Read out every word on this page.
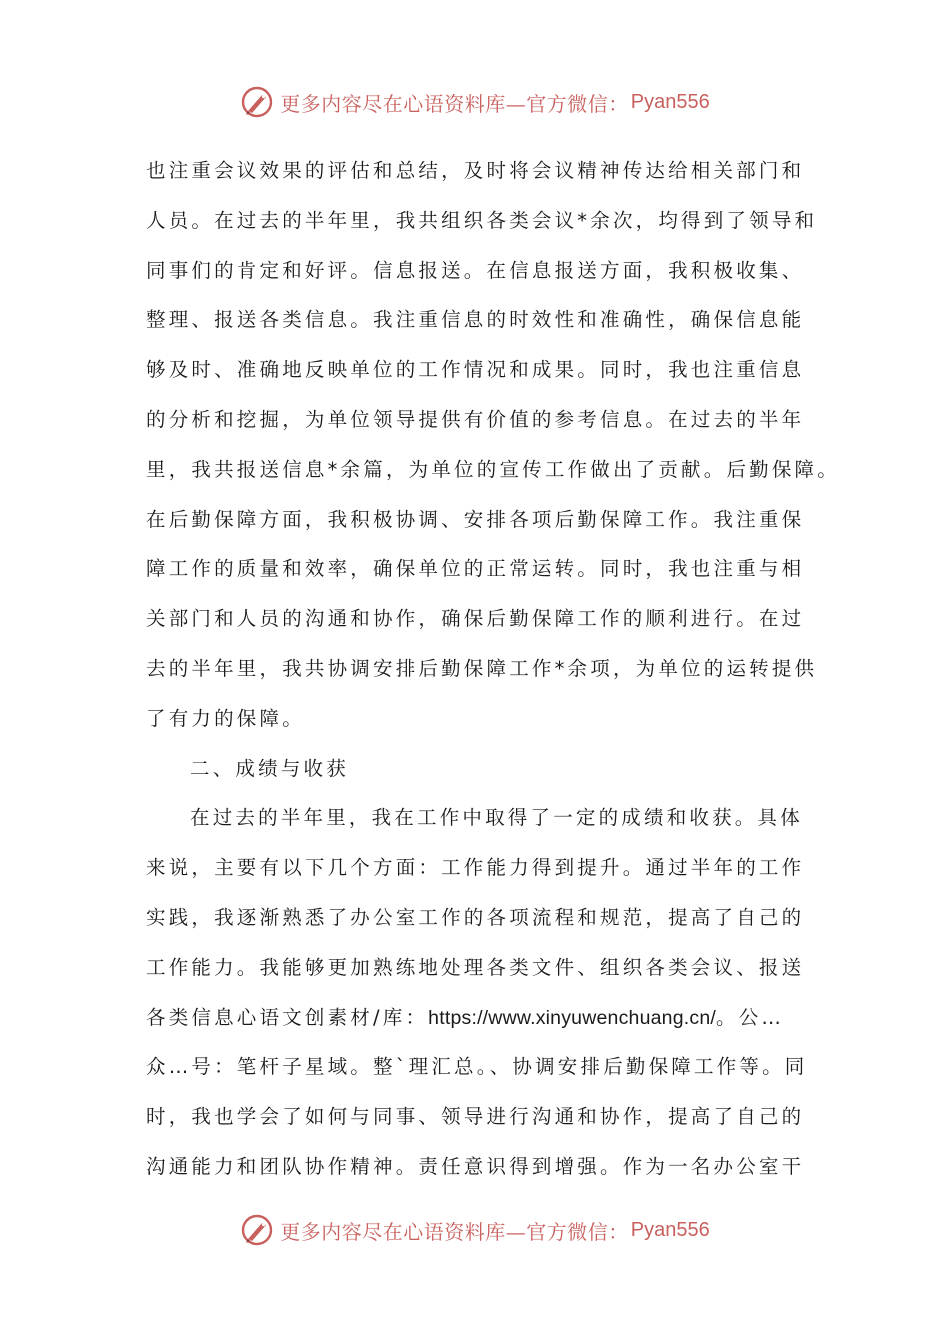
更多内容尽在心语资料库—官方微信： Pyan556
也注重会议效果的评估和总结，及时将会议精神传达给相关部门和
人员。在过去的半年里，我共组织各类会议*余次，均得到了领导和
同事们的肯定和好评。信息报送。在信息报送方面，我积极收集、
整理、报送各类信息。我注重信息的时效性和准确性，确保信息能
够及时、准确地反映单位的工作情况和成果。同时，我也注重信息
的分析和挖掘，为单位领导提供有价值的参考信息。在过去的半年
里，我共报送信息*余篇，为单位的宣传工作做出了贡献。后勤保障。
在后勤保障方面，我积极协调、安排各项后勤保障工作。我注重保
障工作的质量和效率，确保单位的正常运转。同时，我也注重与相
关部门和人员的沟通和协作，确保后勤保障工作的顺利进行。在过
去的半年里，我共协调安排后勤保障工作*余项，为单位的运转提供
了有力的保障。
二、成绩与收获
在过去的半年里，我在工作中取得了一定的成绩和收获。具体
来说，主要有以下几个方面：工作能力得到提升。通过半年的工作
实践，我逐渐熟悉了办公室工作的各项流程和规范，提高了自己的
工作能力。我能够更加熟练地处理各类文件、组织各类会议、报送
各类信息心语文创素材/库：https://www.xinyuwenchuang.cn/。公…
众…号：笔杆子星域。整`理汇总。、协调安排后勤保障工作等。同
时，我也学会了如何与同事、领导进行沟通和协作，提高了自己的
沟通能力和团队协作精神。责任意识得到增强。作为一名办公室干
更多内容尽在心语资料库—官方微信： Pyan556
